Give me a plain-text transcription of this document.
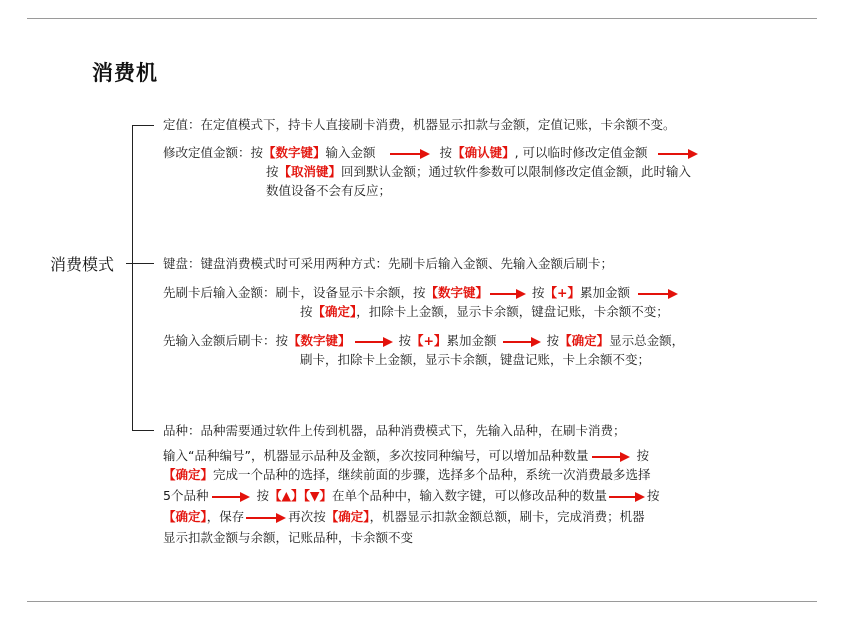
消费机
消费模式
定值：在定值模式下，持卡人直接刷卡消费，机器显示扣款与金额，定值记账，卡余额不变。
修改定值金额：按【数字键】输入金额	按【确认键】, 可以临时修改定值金额
按【取消键】回到默认金额；通过软件参数可以限制修改定值金额，此时输入
数值设备不会有反应；
键盘：键盘消费模式时可采用两种方式：先刷卡后输入金额、先输入金额后刷卡；
先刷卡后输入金额：刷卡，设备显示卡余额，按【数字键】	按【+】累加金额
按【确定】，扣除卡上金额，显示卡余额，键盘记账，卡余额不变；
先输入金额后刷卡：按【数字键】	按【+】累加金额	按【确定】显示总金额，
刷卡，扣除卡上金额，显示卡余额，键盘记账，卡上余额不变；
品种：品种需要通过软件上传到机器，品种消费模式下，先输入品种，在刷卡消费；
输入“品种编号”，机器显示品种及金额，多次按同种编号，可以增加品种数量	按
【确定】完成一个品种的选择，继续前面的步骤，选择多个品种，系统一次消费最多选择
5个品种	按【▲】【▼】在单个品种中，输入数字键，可以修改品种的数量	按
【确定】，保存	再次按【确定】，机器显示扣款金额总额，刷卡，完成消费；机器
显示扣款金额与余额，记账品种，卡余额不变
